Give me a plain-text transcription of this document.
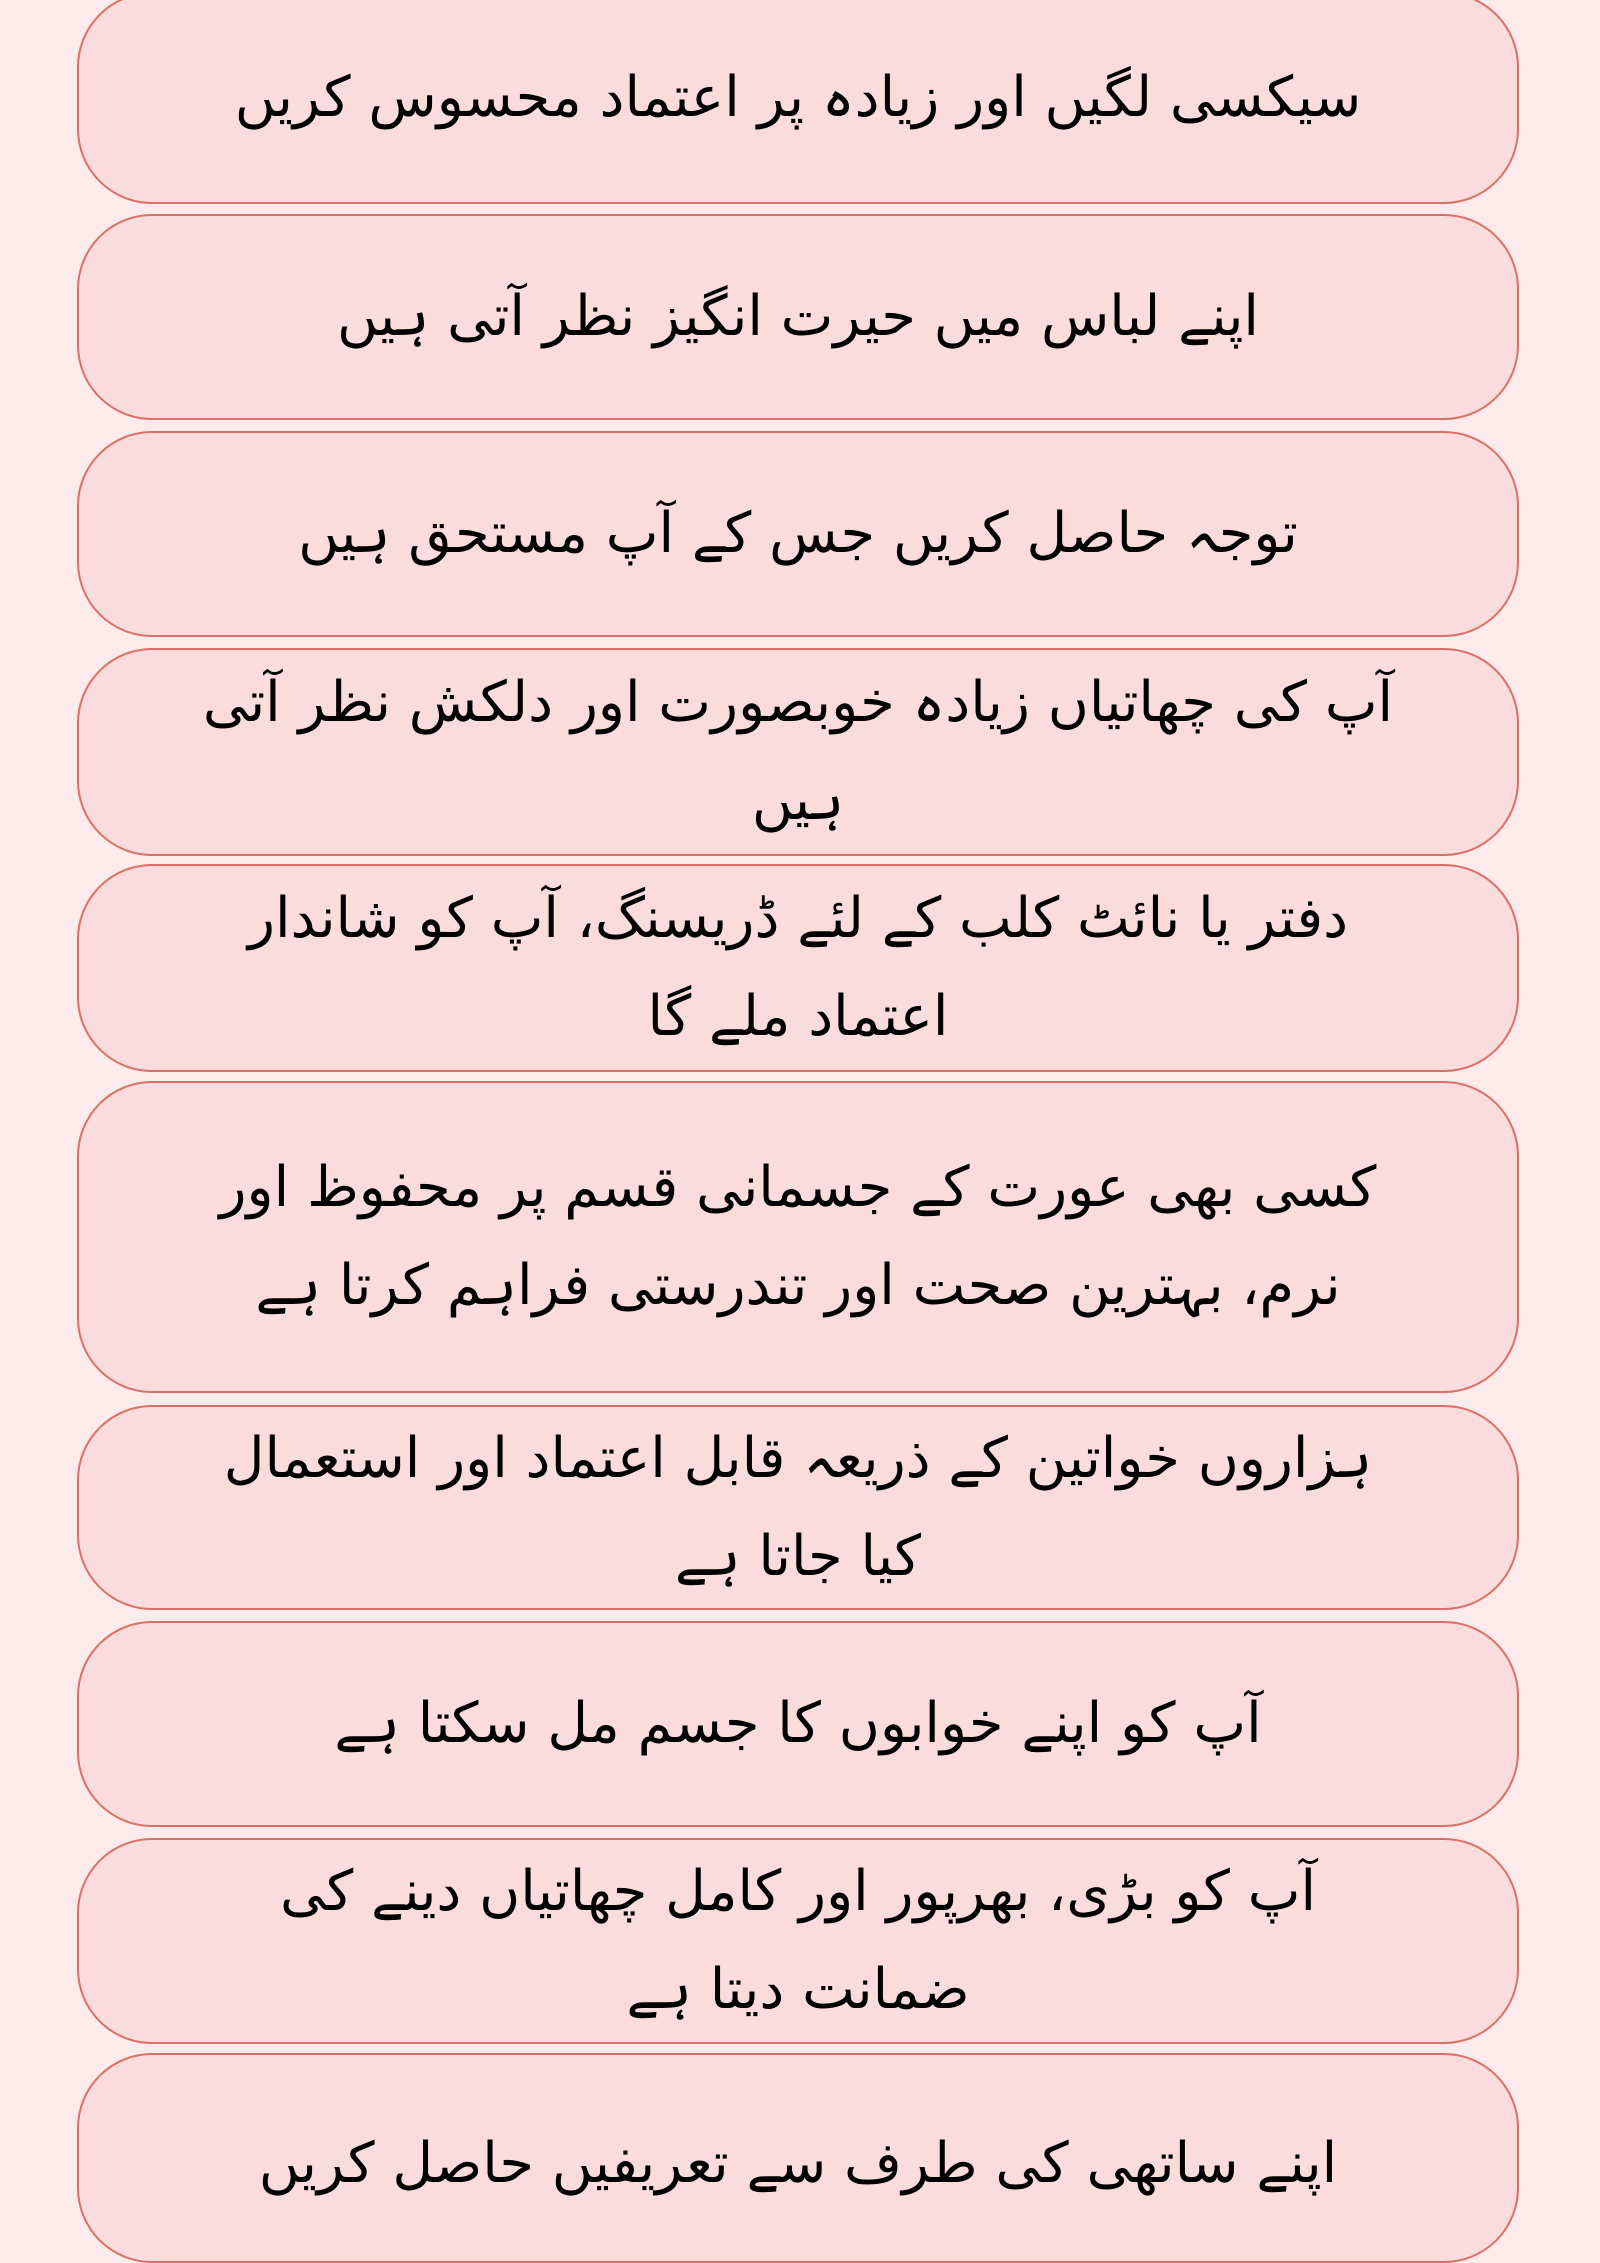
سیکسی لگیں اور زیادہ پر اعتماد محسوس کریں
اپنے لباس میں حیرت انگیز نظر آتی ہیں
توجہ حاصل کریں جس کے آپ مستحق ہیں
آپ کی چھاتیاں زیادہ خوبصورت اور دلکش نظر آتی ہیں
دفتر یا نائٹ کلب کے لئے ڈریسنگ، آپ کو شاندار اعتماد ملے گا
کسی بھی عورت کے جسمانی قسم پر محفوظ اور نرم، بہترین صحت اور تندرستی فراہم کرتا ہے
ہزاروں خواتین کے ذریعہ قابل اعتماد اور استعمال کیا جاتا ہے
آپ کو اپنے خوابوں کا جسم مل سکتا ہے
آپ کو بڑی، بھرپور اور کامل چھاتیاں دینے کی ضمانت دیتا ہے
اپنے ساتھی کی طرف سے تعریفیں حاصل کریں
